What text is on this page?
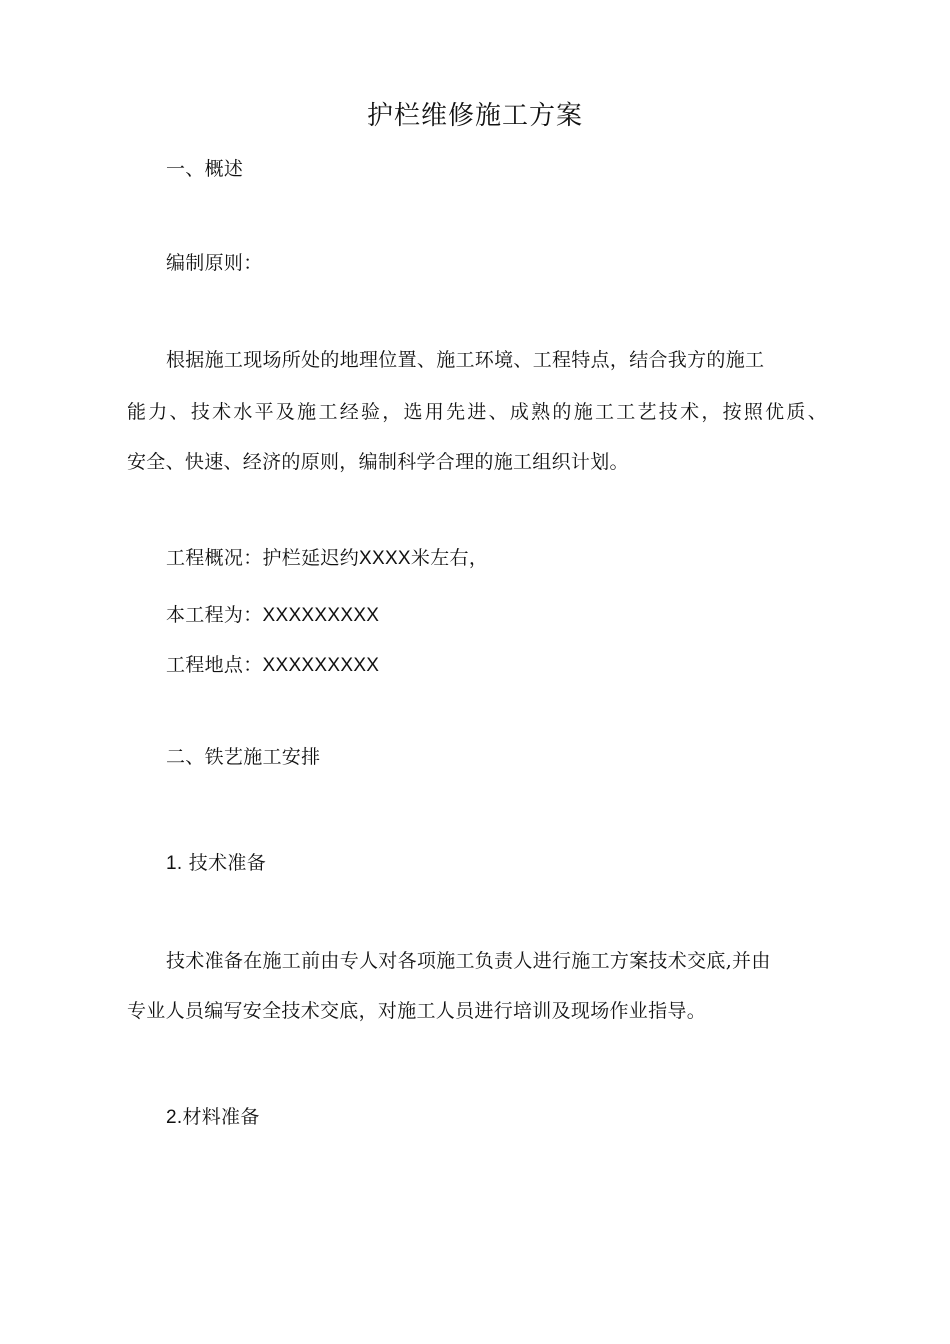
护栏维修施工方案
一、概述
编制原则：
根据施工现场所处的地理位置、施工环境、工程特点，结合我方的施工
能力、技术水平及施工经验，选用先进、成熟的施工工艺技术，按照优质、
安全、快速、经济的原则，编制科学合理的施工组织计划。
工程概况：护栏延迟约XXXX米左右，
本工程为：XXXXXXXXX
工程地点：XXXXXXXXX
二、铁艺施工安排
1. 技术准备
技术准备在施工前由专人对各项施工负责人进行施工方案技术交底,并由
专业人员编写安全技术交底，对施工人员进行培训及现场作业指导。
2.材料准备
